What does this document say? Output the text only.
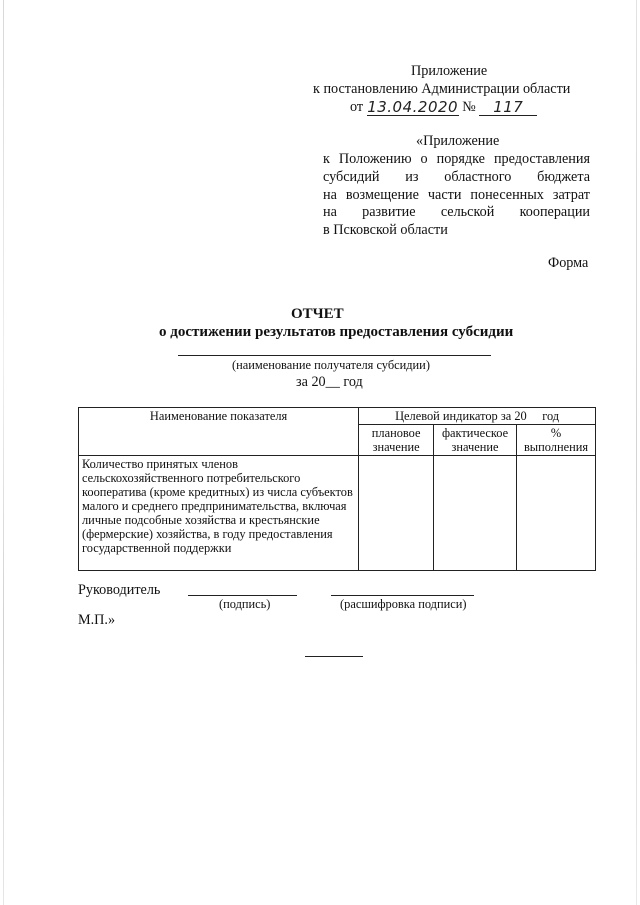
Приложение
к постановлению Администрации области
от 13.04.2020 № 117
«Приложение
к Положению о порядке предоставления
субсидий из областного бюджета
на возмещение части понесенных затрат
на развитие сельской кооперации
в Псковской области
Форма
ОТЧЕТ
о достижении результатов предоставления субсидии
(наименование получателя субсидии)
за 20__ год
Наименование показателя	Целевой индикатор за 20     год		
	плановое значение	фактическое значение	% выполнения
Количество принятых членов сельскохозяйственного потребительского кооператива (кроме кредитных) из числа субъектов малого и среднего предпринимательства, включая личные подсобные хозяйства и крестьянские (фермерские) хозяйства, в году предоставления государственной поддержки			
Руководитель
(подпись)	(расшифровка подписи)
М.П.»
